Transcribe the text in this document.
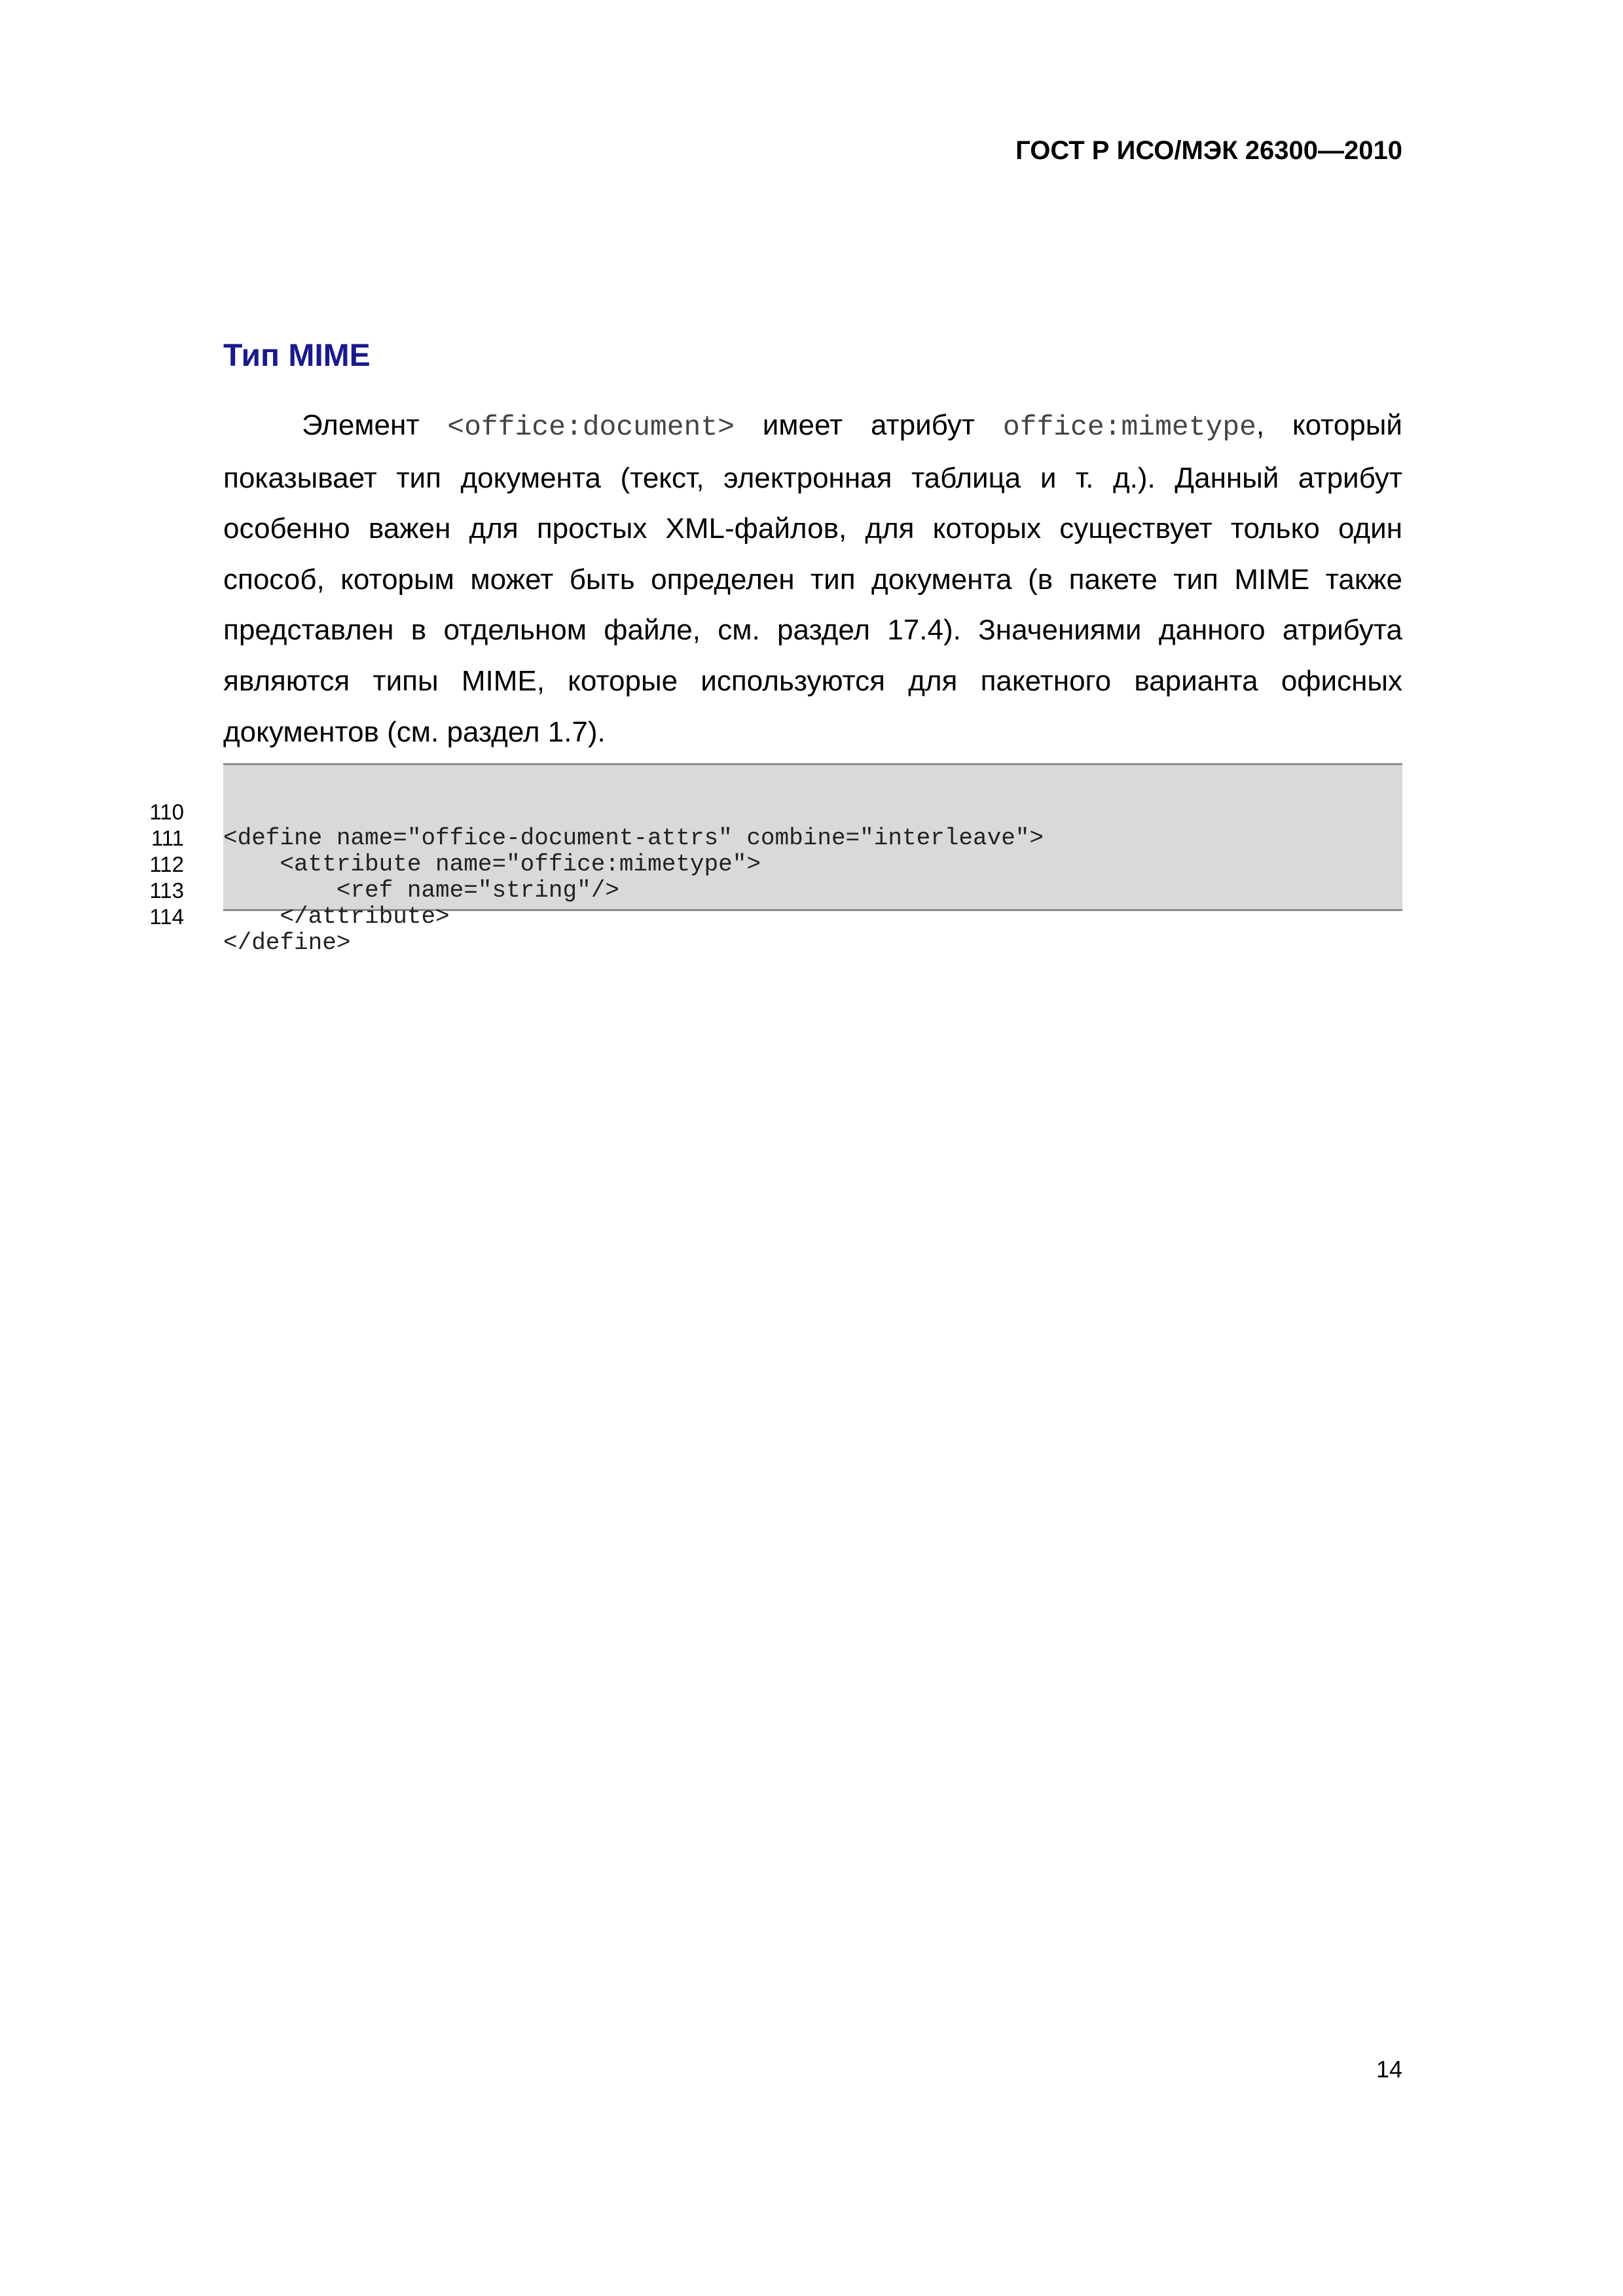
ГОСТ Р ИСО/МЭК 26300—2010
Тип MIME

Элемент <office:document> имеет атрибут office:mimetype, который показывает тип документа (текст, электронная таблица и т. д.). Данный атрибут особенно важен для простых XML-файлов, для которых существует только один способ, которым может быть определен тип документа (в пакете тип MIME также представлен в отдельном файле, см. раздел 17.4). Значениями данного атрибута являются типы MIME, которые используются для пакетного варианта офисных документов (см. раздел 1.7).

110

<define name="office-document-attrs" combine="interleave">

111

<attribute name="office:mimetype">

112

<ref name="string"/>

113

</attribute>

114

</define>

14
